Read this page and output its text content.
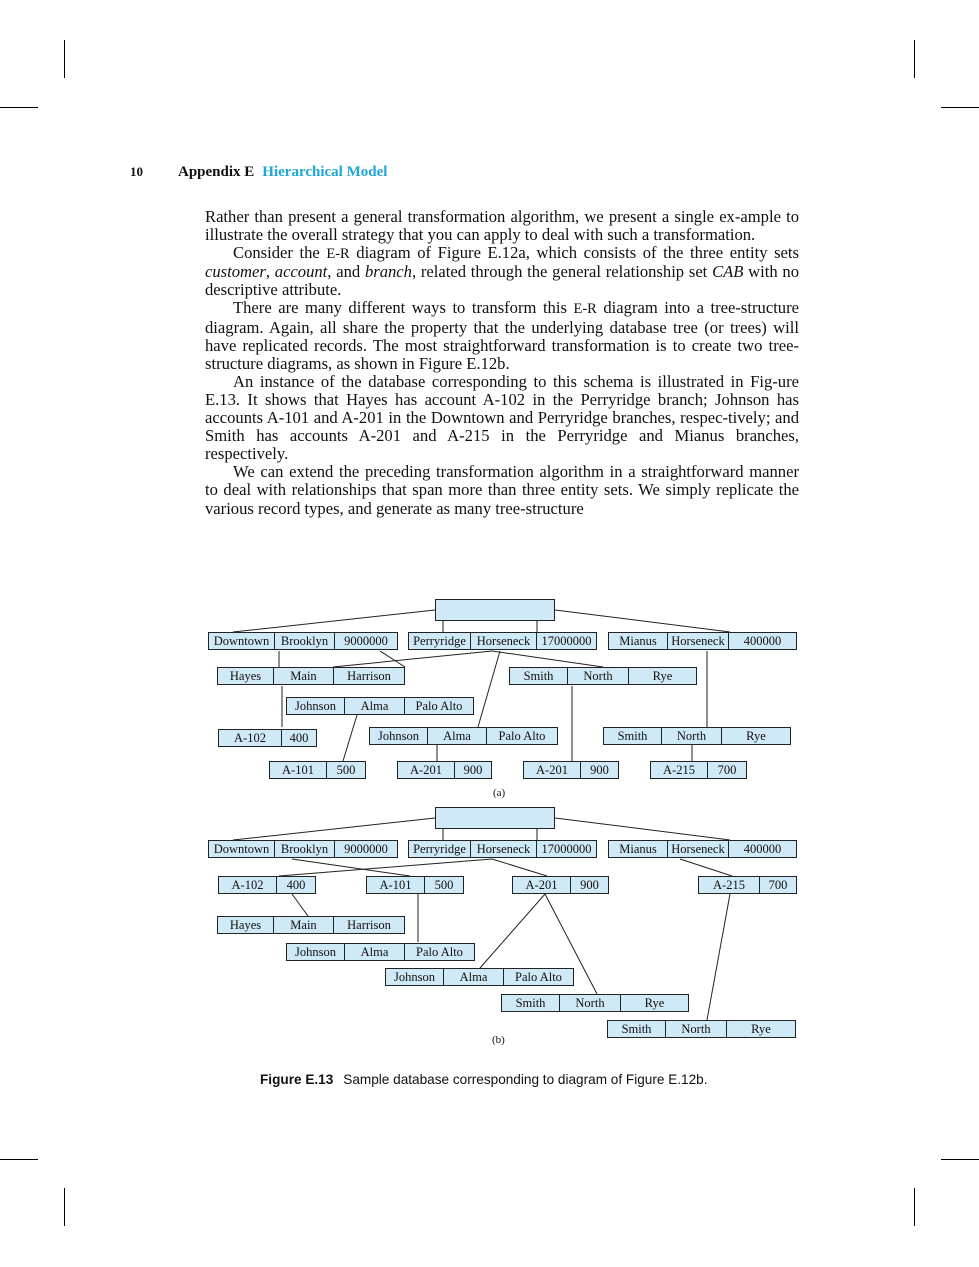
10 Appendix E Hierarchical Model

Rather than present a general transformation algorithm, we present a single ex-ample to illustrate the overall strategy that you can apply to deal with such a transformation.

Consider the E-R diagram of Figure E.12a, which consists of the three entity sets customer, account, and branch, related through the general relationship set CAB with no descriptive attribute.

There are many different ways to transform this E-R diagram into a tree-structure diagram. Again, all share the property that the underlying database tree (or trees) will have replicated records. The most straightforward transformation is to create two tree-structure diagrams, as shown in Figure E.12b.

An instance of the database corresponding to this schema is illustrated in Fig-ure E.13. It shows that Hayes has account A-102 in the Perryridge branch; Johnson has accounts A-101 and A-201 in the Downtown and Perryridge branches, respec-tively; and Smith has accounts A-201 and A-215 in the Perryridge and Mianus branches, respectively.

We can extend the preceding transformation algorithm in a straightforward manner to deal with relationships that span more than three entity sets. We simply replicate the various record types, and generate as many tree-structure

Downtown Brooklyn	9000000	Perryridge Horseneck 17000000	Mianus	Horseneck	400000
Hayes	Main	Harrison	Smith	North	Rye
Johnson	Alma	Palo Alto
Johnson	Alma	Palo Alto	Smith	North	Rye
A-102	400
A-101	500	A-201	900	A-201	900	A-215	700
(a)
Downtown Brooklyn	9000000	Perryridge Horseneck 17000000	Mianus	Horseneck	400000
A-102	400	A-101	500	A-201	900	A-215	700
Hayes	Main	Harrison
Johnson	Alma	Palo Alto
Johnson	Alma	Palo Alto
Smith	North	Rye
Smith	North	Rye
(b)
Figure E.13 Sample database corresponding to diagram of Figure E.12b.
